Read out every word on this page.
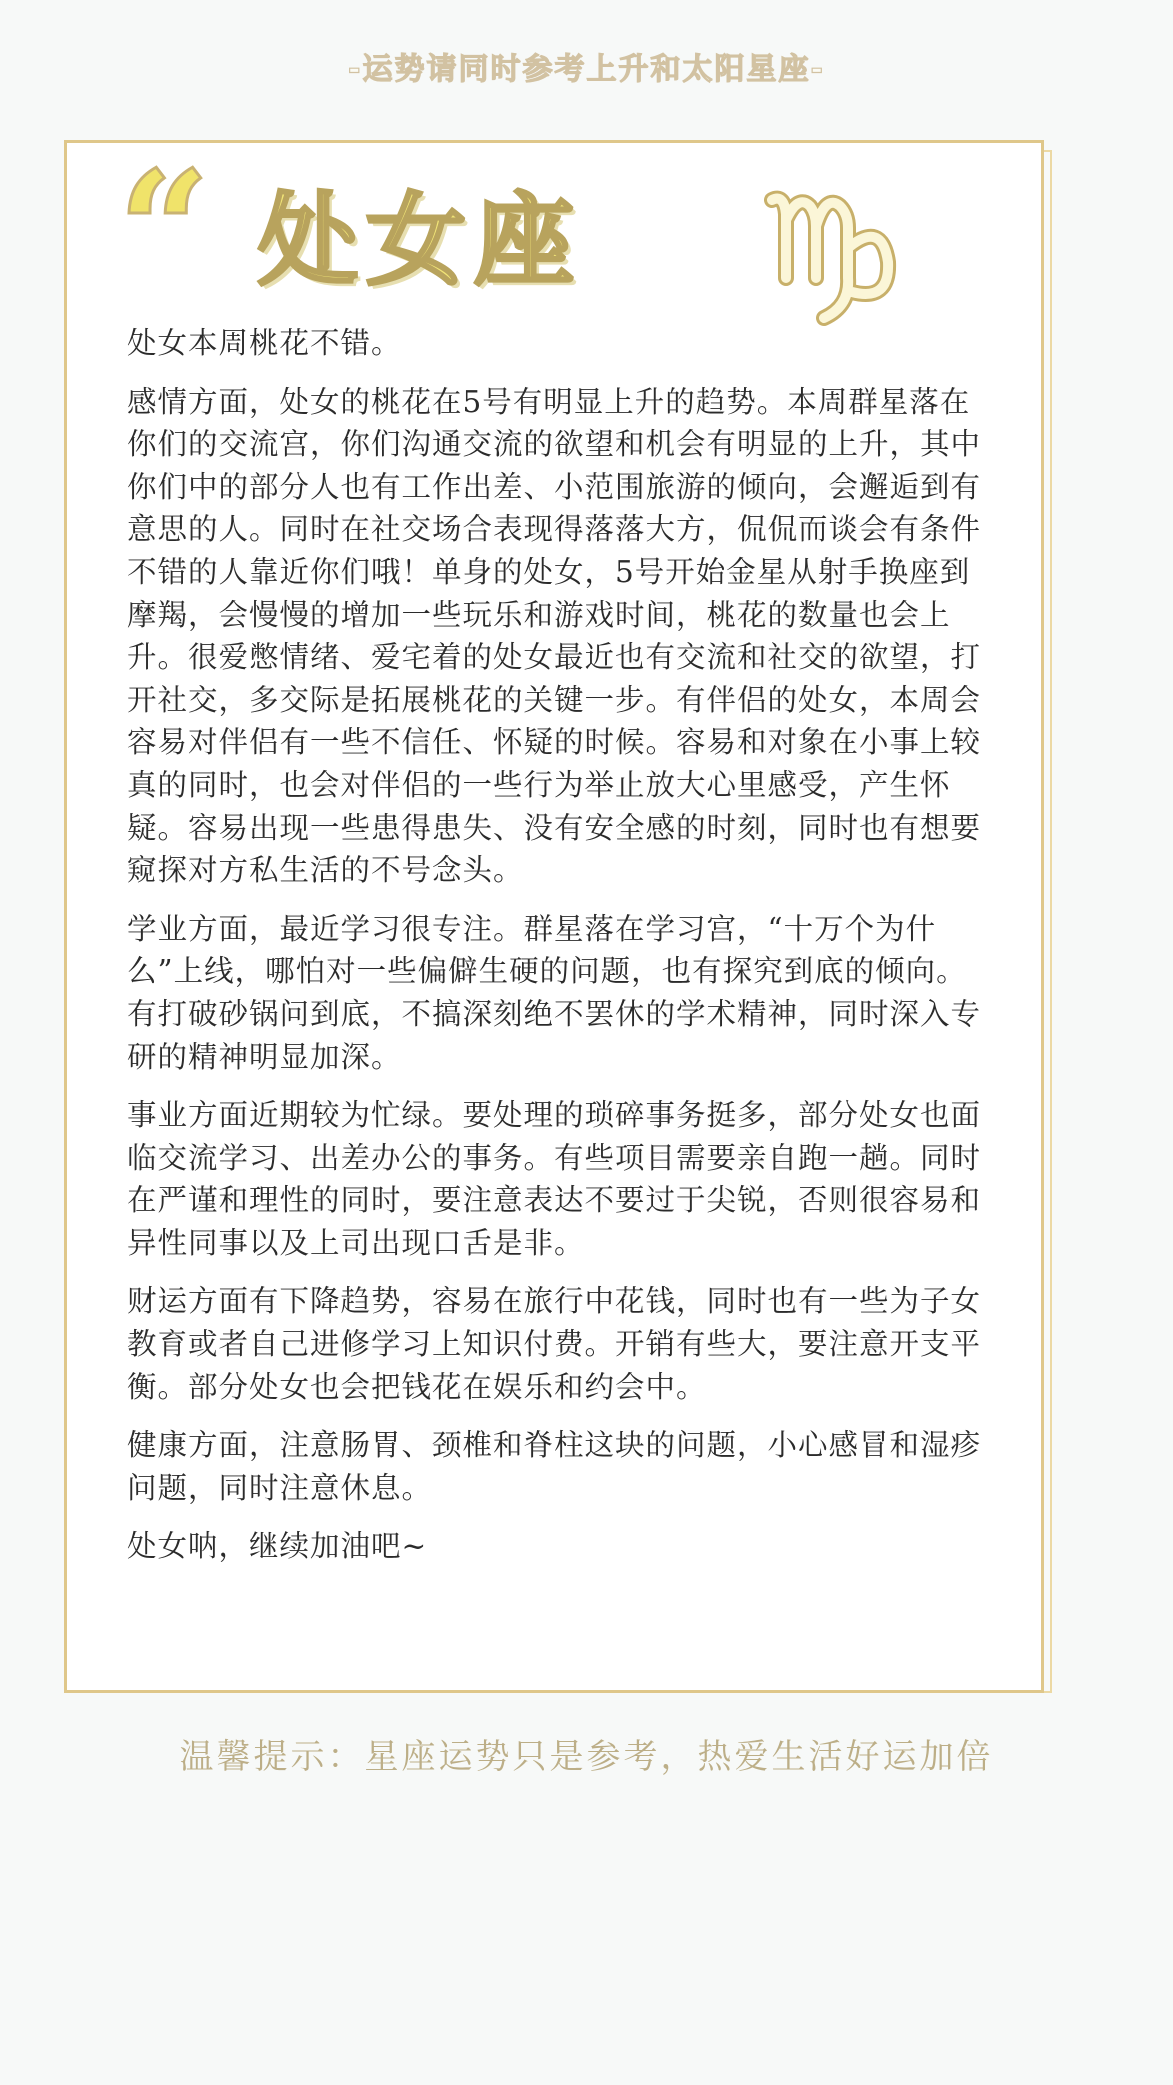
-运势请同时参考上升和太阳星座-
“ 处女座

处女本周桃花不错。

感情方面，处女的桃花在5号有明显上升的趋势。本周群星落在你们的交流宫，你们沟通交流的欲望和机会有明显的上升，其中你们中的部分人也有工作出差、小范围旅游的倾向，会邂逅到有意思的人。同时在社交场合表现得落落大方，侃侃而谈会有条件不错的人靠近你们哦！单身的处女，5号开始金星从射手换座到摩羯，会慢慢的增加一些玩乐和游戏时间，桃花的数量也会上升。很爱憋情绪、爱宅着的处女最近也有交流和社交的欲望，打开社交，多交际是拓展桃花的关键一步。有伴侣的处女，本周会容易对伴侣有一些不信任、怀疑的时候。容易和对象在小事上较真的同时，也会对伴侣的一些行为举止放大心里感受，产生怀疑。容易出现一些患得患失、没有安全感的时刻，同时也有想要窥探对方私生活的不号念头。

学业方面，最近学习很专注。群星落在学习宫，“十万个为什么”上线，哪怕对一些偏僻生硬的问题，也有探究到底的倾向。有打破砂锅问到底，不搞深刻绝不罢休的学术精神，同时深入专研的精神明显加深。

事业方面近期较为忙绿。要处理的琐碎事务挺多，部分处女也面临交流学习、出差办公的事务。有些项目需要亲自跑一趟。同时在严谨和理性的同时，要注意表达不要过于尖锐，否则很容易和异性同事以及上司出现口舌是非。

财运方面有下降趋势，容易在旅行中花钱，同时也有一些为子女教育或者自己进修学习上知识付费。开销有些大，要注意开支平衡。部分处女也会把钱花在娱乐和约会中。

健康方面，注意肠胃、颈椎和脊柱这块的问题，小心感冒和湿疹问题，同时注意休息。

处女呐，继续加油吧~

温馨提示：星座运势只是参考，热爱生活好运加倍
